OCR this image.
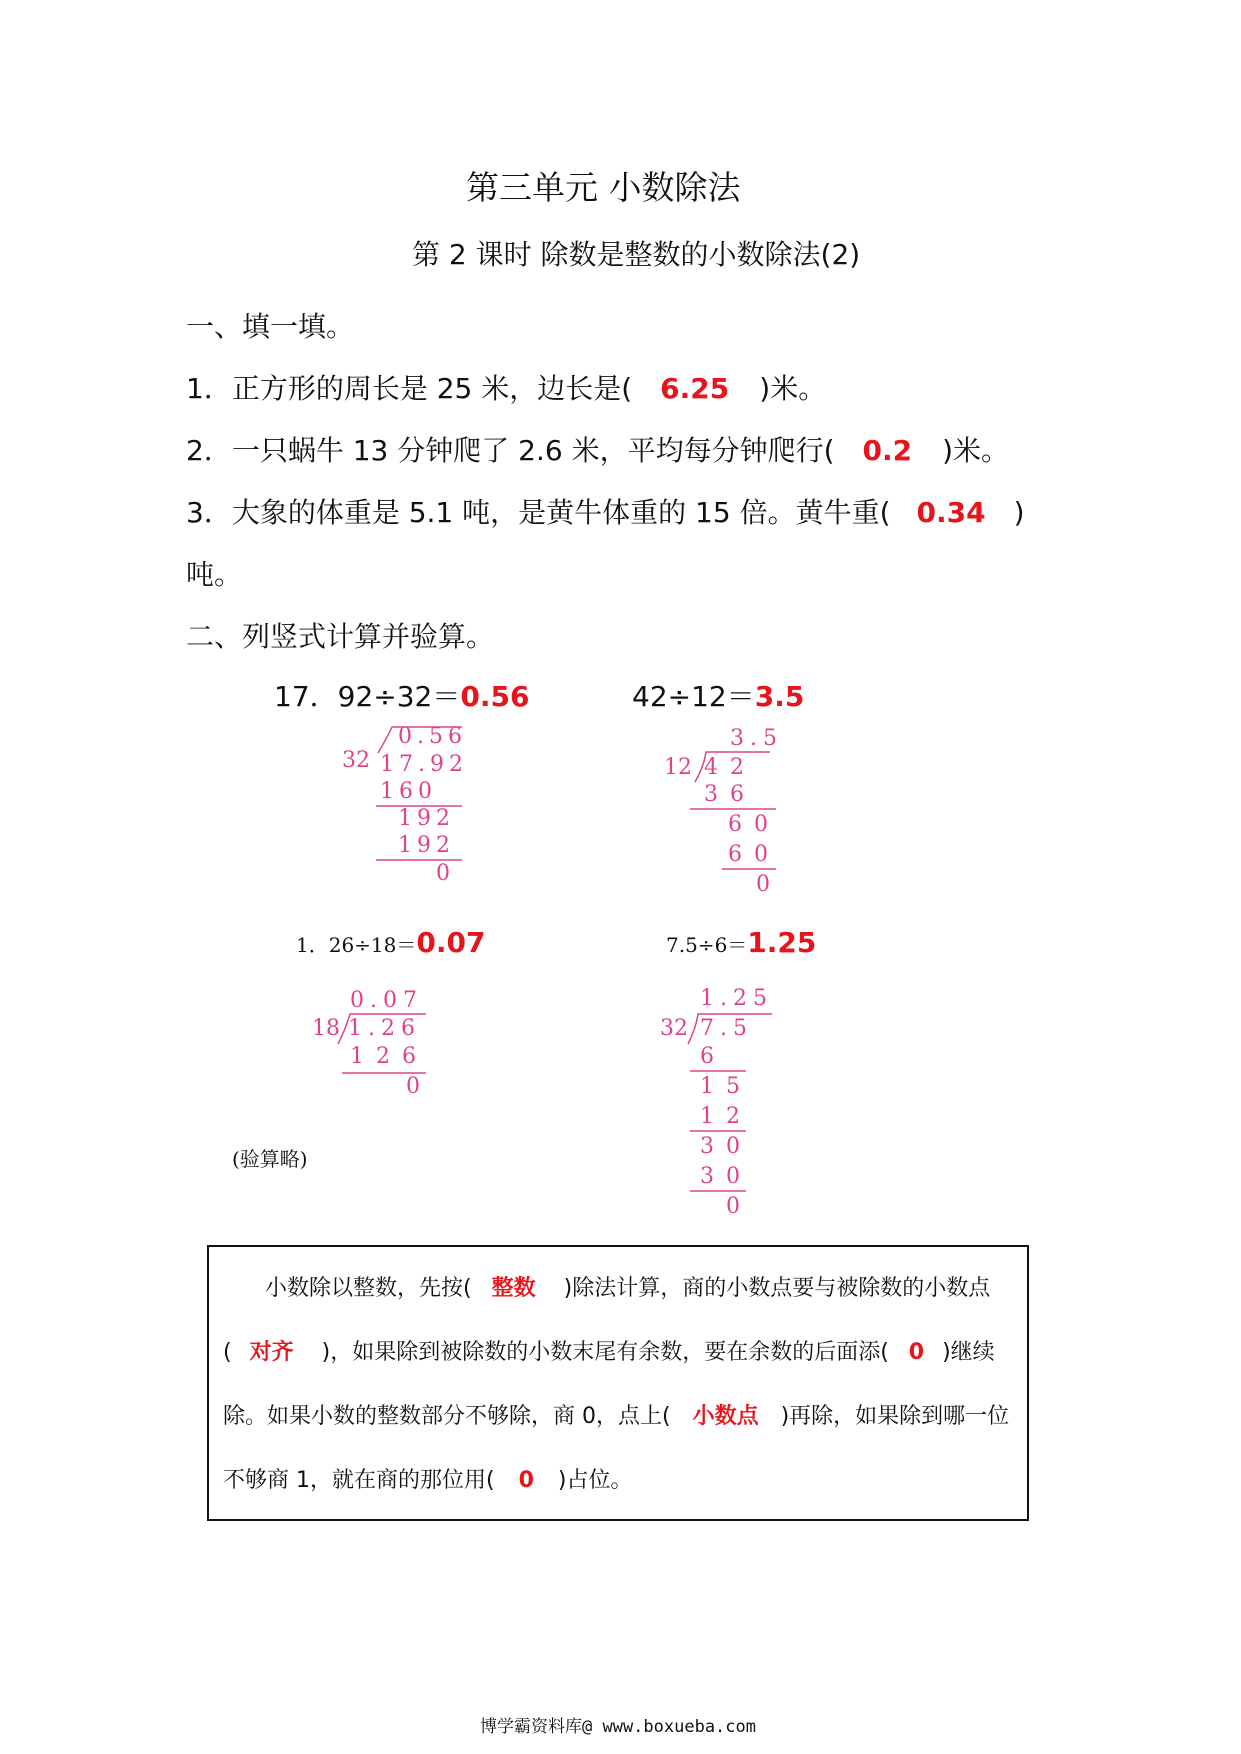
第三单元 小数除法
第 2 课时 除数是整数的小数除法(2)
一、填一填。
1．正方形的周长是 25 米，边长是( 6.25 )米。
2．一只蜗牛 13 分钟爬了 2.6 米，平均每分钟爬行( 0.2 )米。
3．大象的体重是 5.1 吨，是黄牛体重的 15 倍。黄牛重( 0.34 )
吨。
二、列竖式计算并验算。
17．92÷32＝0.56
0.56
32 17.92
160
192
192
0
42÷12＝3.5
3.5
12 42
36
60
60
0
1．26÷18＝0.07
0.07
18 1.26
126
0
7.5÷6＝1.25
1.25
32 7.5
6
15
12
30
30
0
(验算略)
小数除以整数，先按( 整数 )除法计算，商的小数点要与被除数的小数点
( 对齐 )，如果除到被除数的小数末尾有余数，要在余数的后面添( 0 )继续
除。如果小数的整数部分不够除，商 0，点上( 小数点 )再除，如果除到哪一位
不够商 1，就在商的那位用( 0 )占位。
博学霸资料库@ www.boxueba.com
